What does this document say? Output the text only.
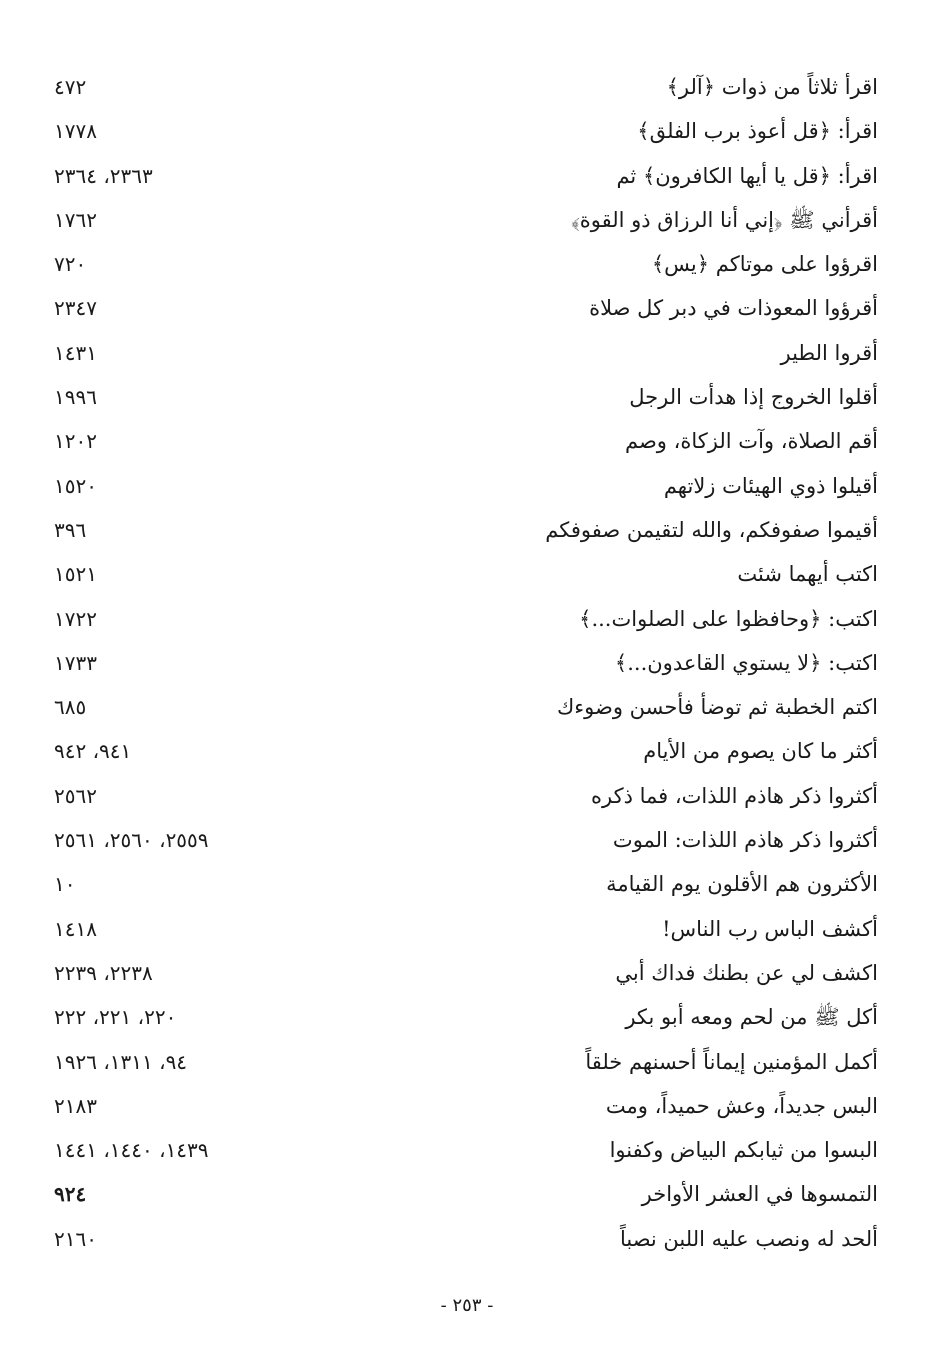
اقرأ ثلاثاً من ذوات ﴿آلر﴾
٤٧٢
اقرأ: ﴿قل أعوذ برب الفلق﴾
١٧٧٨
اقرأ: ﴿قل يا أيها الكافرون﴾ ثم
٢٣٦٣، ٢٣٦٤
أقرأني ﷺ ﴿إني أنا الرزاق ذو القوة﴾
١٧٦٢
اقرؤوا على موتاكم ﴿يس﴾
٧٢٠
أقرؤوا المعوذات في دبر كل صلاة
٢٣٤٧
أقروا الطير
١٤٣١
أقلوا الخروج إذا هدأت الرجل
١٩٩٦
أقم الصلاة، وآت الزكاة، وصم
١٢٠٢
أقيلوا ذوي الهيئات زلاتهم
١٥٢٠
أقيموا صفوفكم، والله لتقيمن صفوفكم
٣٩٦
اكتب أيهما شئت
١٥٢١
اكتب: ﴿وحافظوا على الصلوات...﴾
١٧٢٢
اكتب: ﴿لا يستوي القاعدون...﴾
١٧٣٣
اكتم الخطبة ثم توضأ فأحسن وضوءك
٦٨٥
أكثر ما كان يصوم من الأيام
٩٤١، ٩٤٢
أكثروا ذكر هاذم اللذات، فما ذكره
٢٥٦٢
أكثروا ذكر هاذم اللذات: الموت
٢٥٥٩، ٢٥٦٠، ٢٥٦١
الأكثرون هم الأقلون يوم القيامة
١٠
أكشف الباس رب الناس!
١٤١٨
اكشف لي عن بطنك فداك أبي
٢٢٣٨، ٢٢٣٩
أكل ﷺ من لحم ومعه أبو بكر
٢٢٠، ٢٢١، ٢٢٢
أكمل المؤمنين إيماناً أحسنهم خلقاً
٩٤، ١٣١١، ١٩٢٦
البس جديداً، وعش حميداً، ومت
٢١٨٣
البسوا من ثيابكم البياض وكفنوا
١٤٣٩، ١٤٤٠، ١٤٤١
التمسوها في العشر الأواخر
٩٢٤
ألحد له ونصب عليه اللبن نصباً
٢١٦٠
- ٢٥٣ -
